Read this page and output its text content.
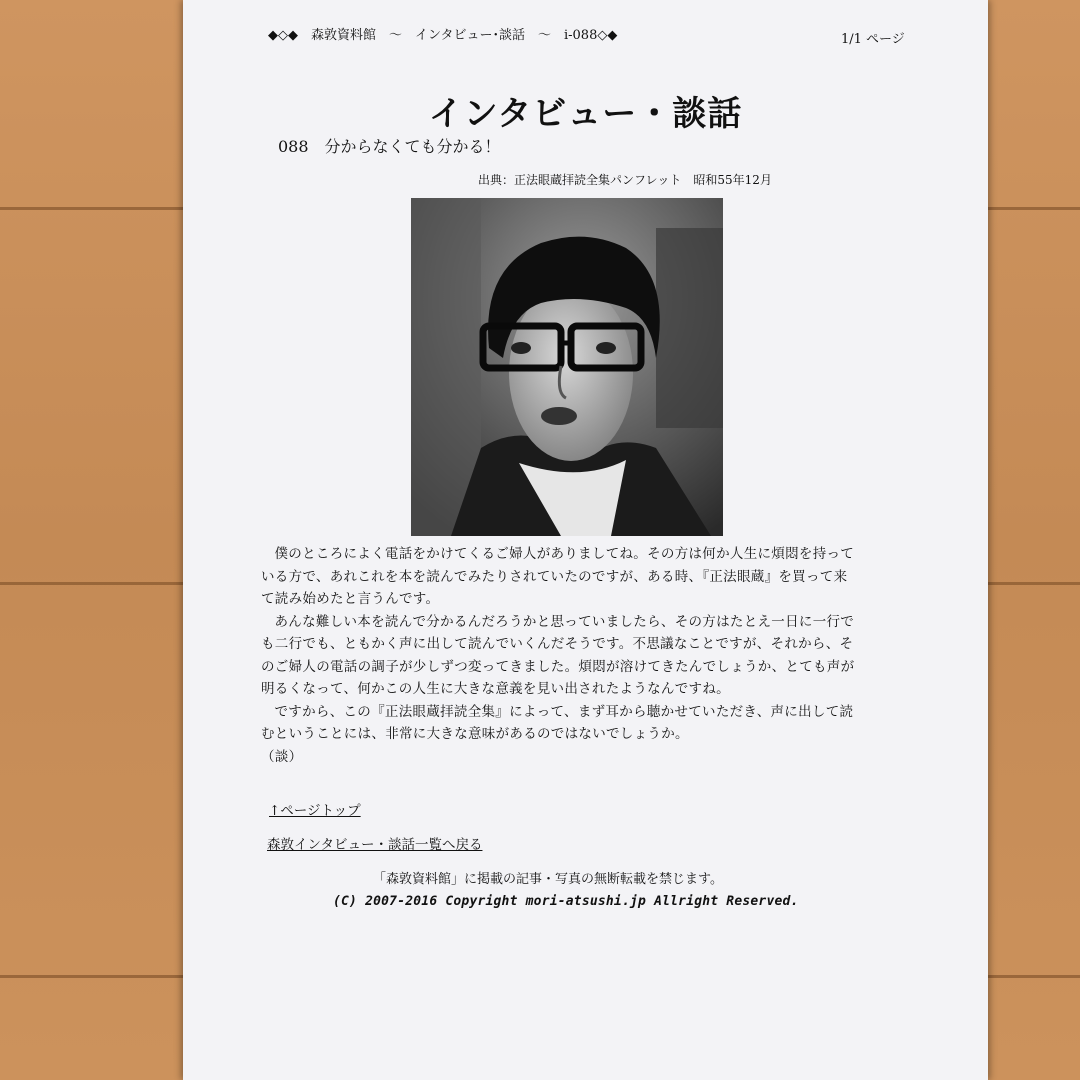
◆◇◆　森敦資料館　～　インタビュー･談話　～　i-088◇◆	1/1 ページ
インタビュー・談話
088　分からなくても分かる！
出典：正法眼蔵拝読全集パンフレット　昭和55年12月

僕のところによく電話をかけてくるご婦人がありましてね。その方は何か人生に煩悶を持っている方で、あれこれを本を読んでみたりされていたのですが、ある時、『正法眼蔵』を買って来て読み始めたと言うんです。

あんな難しい本を読んで分かるんだろうかと思っていましたら、その方はたとえ一日に一行でも二行でも、ともかく声に出して読んでいくんだそうです。不思議なことですが、それから、そのご婦人の電話の調子が少しずつ変ってきました。煩悶が溶けてきたんでしょうか、とても声が明るくなって、何かこの人生に大きな意義を見い出されたようなんですね。

ですから、この『正法眼蔵拝読全集』によって、まず耳から聴かせていただき、声に出して読むということには、非常に大きな意味があるのではないでしょうか。

（談）

↑ページトップ
森敦インタビュー・談話一覧へ戻る
「森敦資料館」に掲載の記事・写真の無断転載を禁じます。
(C) 2007-2016 Copyright mori-atsushi.jp Allright Reserved.
